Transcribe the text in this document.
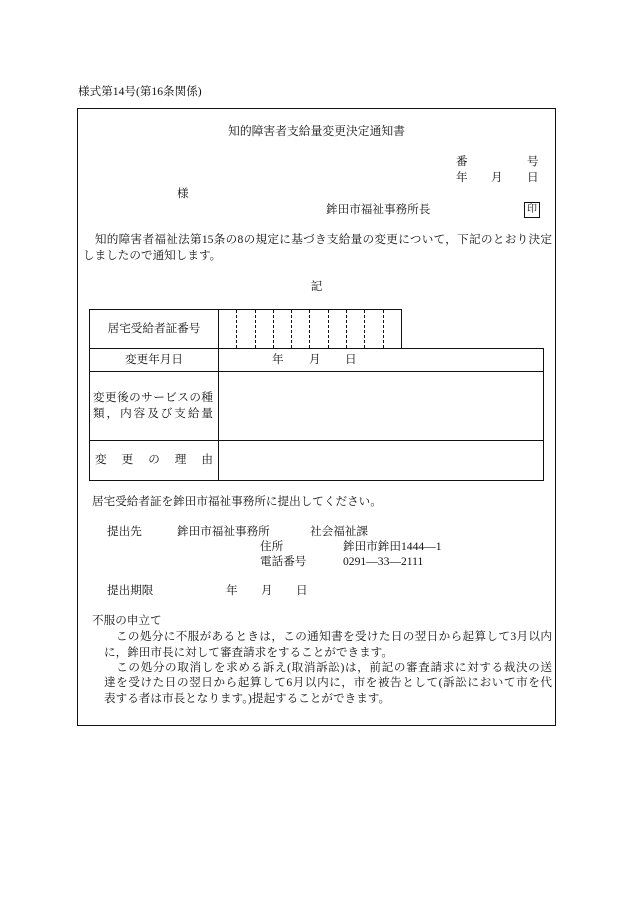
様式第14号(第16条関係)
知的障害者支給量変更決定通知書
番	号
年 月 日
様
鉾田市福祉事務所長	印
　知的障害者福祉法第15条の8の規定に基づき支給量の変更について，下記のとおり決定
しましたので通知します。
記
居宅受給者証番号
変更年月日	年 月 日
変更後のサービスの種
類，内容及び支給量
変　更　の　理　由
居宅受給者証を鉾田市福祉事務所に提出してください。
提出先	鉾田市福祉事務所	社会福祉課
住所	鉾田市鉾田1444―1
電話番号	0291―33―2111
提出期限	年 月 日
不服の申立て
　この処分に不服があるときは，この通知書を受けた日の翌日から起算して3月以内
に，鉾田市長に対して審査請求をすることができます。
　この処分の取消しを求める訴え(取消訴訟)は，前記の審査請求に対する裁決の送
達を受けた日の翌日から起算して6月以内に，市を被告として(訴訟において市を代
表する者は市長となります。)提起することができます。
